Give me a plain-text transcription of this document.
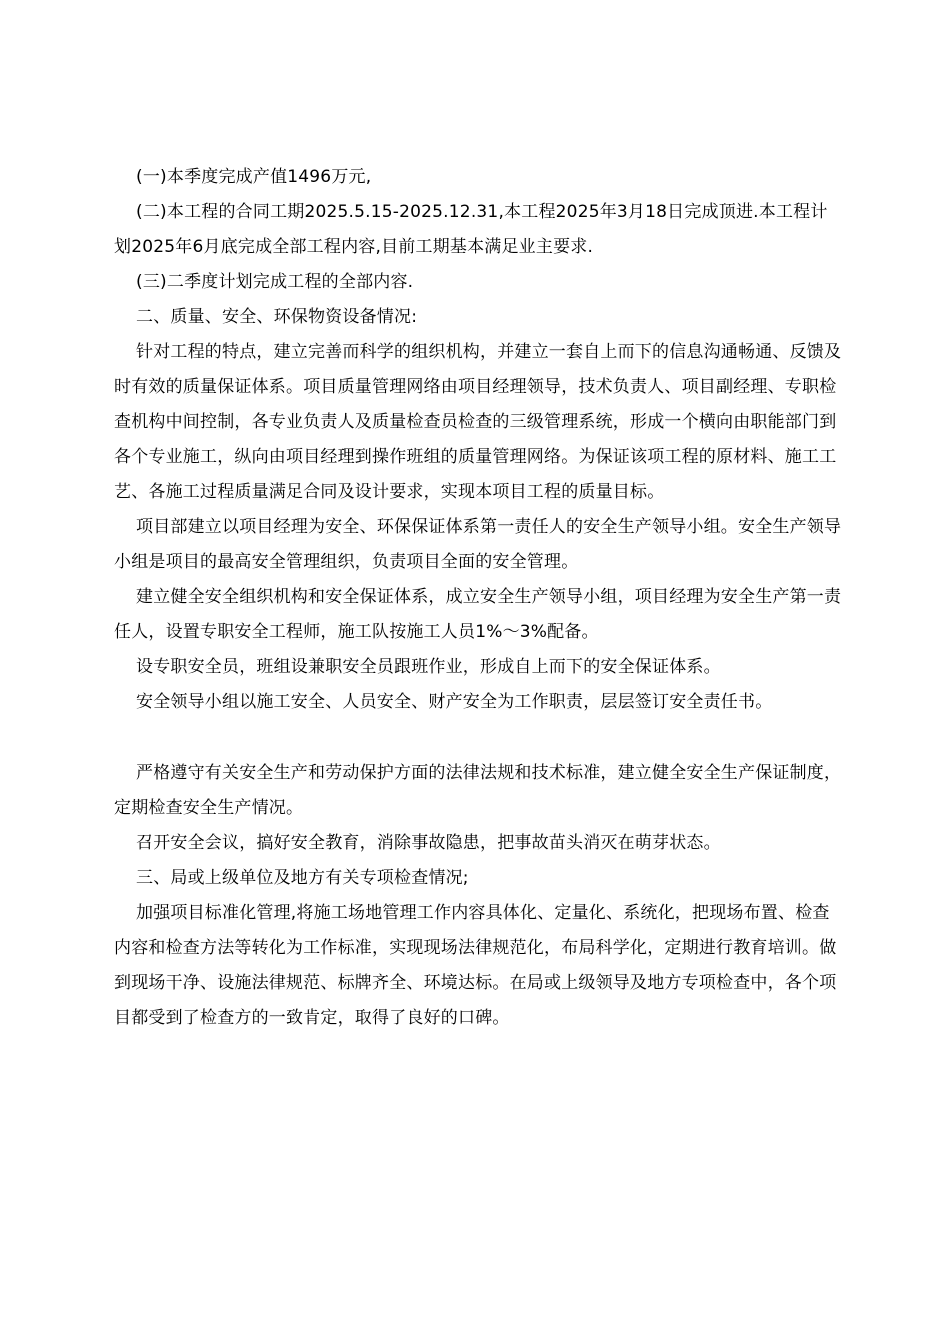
(一)本季度完成产值1496万元,

(二)本工程的合同工期2025.5.15-2025.12.31,本工程2025年3月18日完成顶进.本工程计划2025年6月底完成全部工程内容,目前工期基本满足业主要求.

(三)二季度计划完成工程的全部内容.

二、质量、安全、环保物资设备情况:

针对工程的特点，建立完善而科学的组织机构，并建立一套自上而下的信息沟通畅通、反馈及时有效的质量保证体系。项目质量管理网络由项目经理领导，技术负责人、项目副经理、专职检查机构中间控制，各专业负责人及质量检查员检查的三级管理系统，形成一个横向由职能部门到各个专业施工，纵向由项目经理到操作班组的质量管理网络。为保证该项工程的原材料、施工工艺、各施工过程质量满足合同及设计要求，实现本项目工程的质量目标。

项目部建立以项目经理为安全、环保保证体系第一责任人的安全生产领导小组。安全生产领导小组是项目的最高安全管理组织，负责项目全面的安全管理。

建立健全安全组织机构和安全保证体系，成立安全生产领导小组，项目经理为安全生产第一责任人，设置专职安全工程师，施工队按施工人员1%～3%配备。

设专职安全员，班组设兼职安全员跟班作业，形成自上而下的安全保证体系。

安全领导小组以施工安全、人员安全、财产安全为工作职责，层层签订安全责任书。

严格遵守有关安全生产和劳动保护方面的法律法规和技术标准，建立健全安全生产保证制度，定期检查安全生产情况。

召开安全会议，搞好安全教育，消除事故隐患，把事故苗头消灭在萌芽状态。

三、局或上级单位及地方有关专项检查情况;

加强项目标准化管理,将施工场地管理工作内容具体化、定量化、系统化，把现场布置、检查内容和检查方法等转化为工作标准，实现现场法律规范化，布局科学化，定期进行教育培训。做到现场干净、设施法律规范、标牌齐全、环境达标。在局或上级领导及地方专项检查中，各个项目都受到了检查方的一致肯定，取得了良好的口碑。
